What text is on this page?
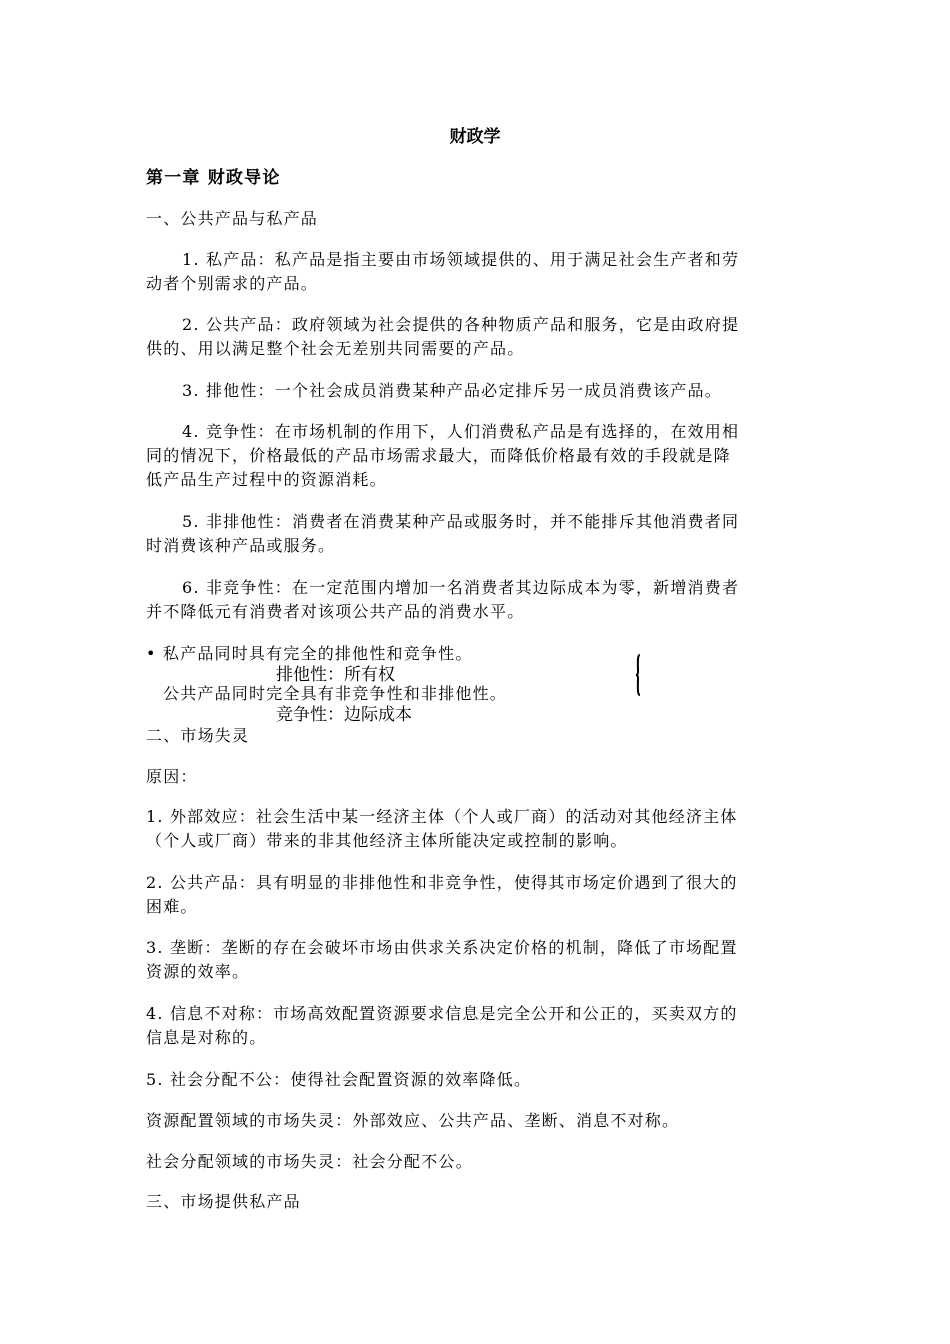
财政学
第一章 财政导论
一、公共产品与私产品
1. 私产品：私产品是指主要由市场领域提供的、用于满足社会生产者和劳
动者个别需求的产品。
2. 公共产品：政府领域为社会提供的各种物质产品和服务，它是由政府提
供的、用以满足整个社会无差别共同需要的产品。
3. 排他性：一个社会成员消费某种产品必定排斥另一成员消费该产品。
4. 竞争性：在市场机制的作用下，人们消费私产品是有选择的，在效用相
同的情况下，价格最低的产品市场需求最大，而降低价格最有效的手段就是降
低产品生产过程中的资源消耗。
5. 非排他性：消费者在消费某种产品或服务时，并不能排斥其他消费者同
时消费该种产品或服务。
6. 非竞争性：在一定范围内增加一名消费者其边际成本为零，新增消费者
并不降低元有消费者对该项公共产品的消费水平。
• 私产品同时具有完全的排他性和竞争性。
公共产品同时完全具有非竞争性和非排他性。
排他性：所有权
竞争性：边际成本
二、市场失灵
原因：
1. 外部效应：社会生活中某一经济主体（个人或厂商）的活动对其他经济主体
（个人或厂商）带来的非其他经济主体所能决定或控制的影响。
2. 公共产品：具有明显的非排他性和非竞争性，使得其市场定价遇到了很大的
困难。
3. 垄断：垄断的存在会破坏市场由供求关系决定价格的机制，降低了市场配置
资源的效率。
4. 信息不对称：市场高效配置资源要求信息是完全公开和公正的，买卖双方的
信息是对称的。
5. 社会分配不公：使得社会配置资源的效率降低。
资源配置领域的市场失灵：外部效应、公共产品、垄断、消息不对称。
社会分配领域的市场失灵：社会分配不公。
三、市场提供私产品
